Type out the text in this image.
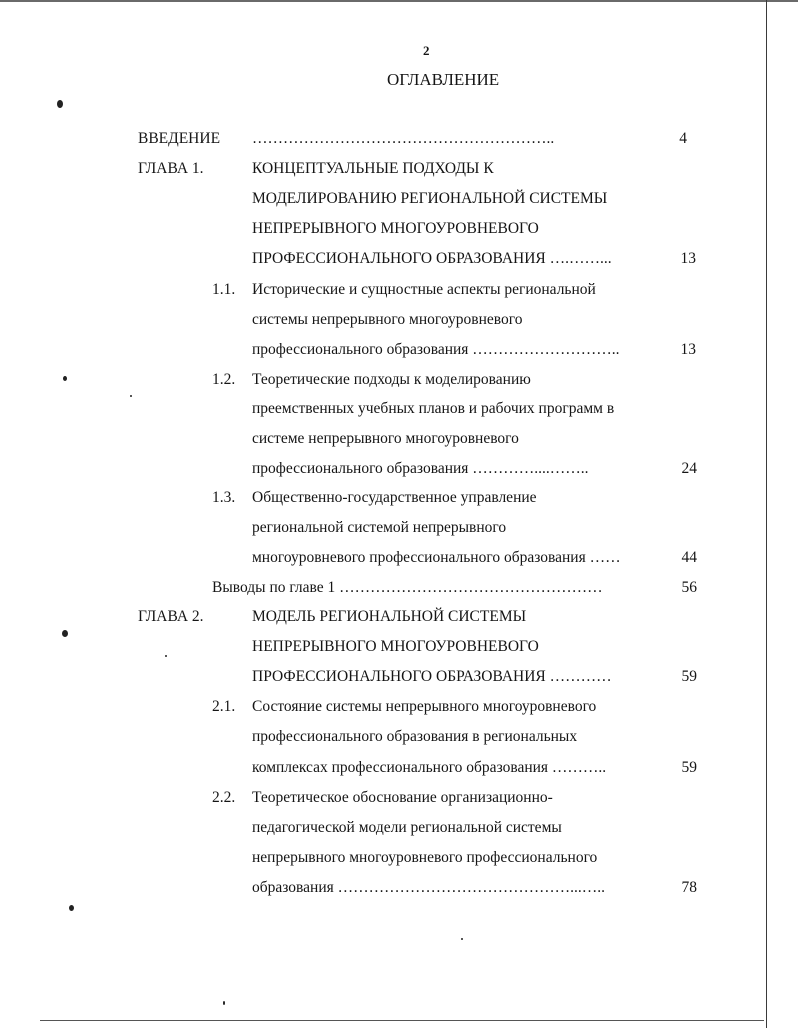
2
ОГЛАВЛЕНИЕ
ВВЕДЕНИЕ …………………………………………………..	4
ГЛАВА 1.	КОНЦЕПТУАЛЬНЫЕ ПОДХОДЫ К
МОДЕЛИРОВАНИЮ РЕГИОНАЛЬНОЙ СИСТЕМЫ
НЕПРЕРЫВНОГО МНОГОУРОВНЕВОГО
ПРОФЕССИОНАЛЬНОГО ОБРАЗОВАНИЯ ….……...	13
1.1. Исторические и сущностные аспекты региональной
системы непрерывного многоуровневого
профессионального образования ………………………..	13
1.2. Теоретические подходы к моделированию
преемственных учебных планов и рабочих программ в
системе непрерывного многоуровневого
профессионального образования …………....……..	24
1.3. Общественно-государственное управление
региональной системой непрерывного
многоуровневого профессионального образования ……	44
Выводы по главе 1 ……………………………………………	56
ГЛАВА 2.	МОДЕЛЬ РЕГИОНАЛЬНОЙ СИСТЕМЫ
НЕПРЕРЫВНОГО МНОГОУРОВНЕВОГО
ПРОФЕССИОНАЛЬНОГО ОБРАЗОВАНИЯ …………	59
2.1. Состояние системы непрерывного многоуровневого
профессионального образования в региональных
комплексах профессионального образования ………..	59
2.2. Теоретическое обоснование организационно-
педагогической модели региональной системы
непрерывного многоуровневого профессионального
образования ………………………………………...…..	78
